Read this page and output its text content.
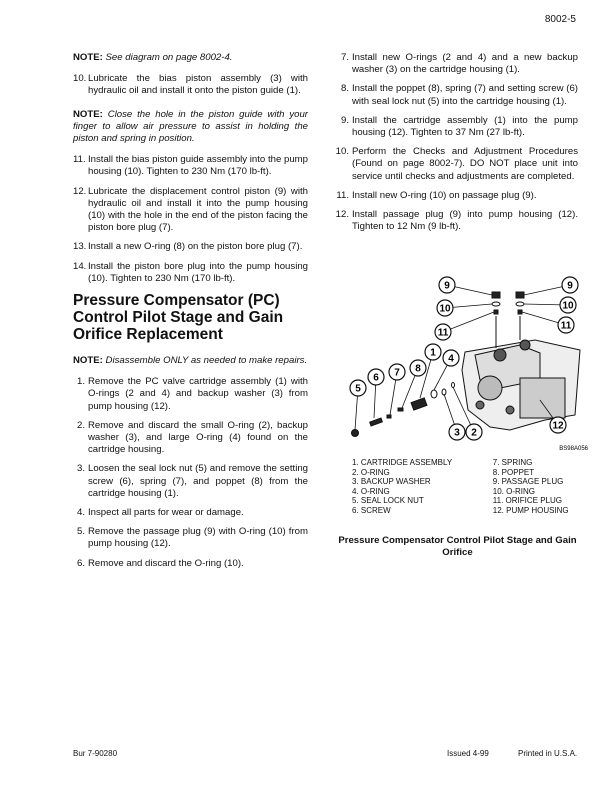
8002-5

NOTE: See diagram on page 8002-4.

10. Lubricate the bias piston assembly (3) with hydraulic oil and install it onto the piston guide (1).

NOTE: Close the hole in the piston guide with your finger to allow air pressure to assist in holding the piston and spring in position.

11. Install the bias piston guide assembly into the pump housing (10). Tighten to 230 Nm (170 lb-ft).
12. Lubricate the displacement control piston (9) with hydraulic oil and install it into the pump housing (10) with the hole in the end of the piston facing the piston bore plug (7).
13. Install a new O-ring (8) on the piston bore plug (7).
14. Install the piston bore plug into the pump housing (10). Tighten to 230 Nm (170 lb-ft).
Pressure Compensator (PC) Control Pilot Stage and Gain Orifice Replacement

NOTE: Disassemble ONLY as needed to make repairs.

1. Remove the PC valve cartridge assembly (1) with O-rings (2 and 4) and backup washer (3) from pump housing (12).
2. Remove and discard the small O-ring (2), backup washer (3), and large O-ring (4) found on the cartridge housing.
3. Loosen the seal lock nut (5) and remove the setting screw (6), spring (7), and poppet (8) from the cartridge housing (1).
4. Inspect all parts for wear or damage.
5. Remove the passage plug (9) with O-ring (10) from pump housing (12).
6. Remove and discard the O-ring (10).
7. Install new O-rings (2 and 4) and a new backup washer (3) on the cartridge housing (1).
8. Install the poppet (8), spring (7) and setting screw (6) with seal lock nut (5) into the cartridge housing (1).
9. Install the cartridge assembly (1) into the pump housing (12). Tighten to 37 Nm (27 lb-ft).
10. Perform the Checks and Adjustment Procedures (Found on page 8002-7). DO NOT place unit into service until checks and adjustments are completed.
11. Install new O-ring (10) on passage plug (9).
12. Install passage plug (9) into pump housing (12). Tighten to 12 Nm (9 lb-ft).
9
10
11
9
10
11
1
4
8
7
6
5
3 2
12
BS98A056
1. CARTRIDGE ASSEMBLY
2. O-RING
3. BACKUP WASHER
4. O-RING
5. SEAL LOCK NUT
6. SCREW
7. SPRING
8. POPPET
9. PASSAGE PLUG
10. O-RING
11. ORIFICE PLUG
12. PUMP HOUSING
Pressure Compensator Control Pilot Stage and Gain Orifice
Bur 7-90280	Issued 4-99	Printed in U.S.A.
